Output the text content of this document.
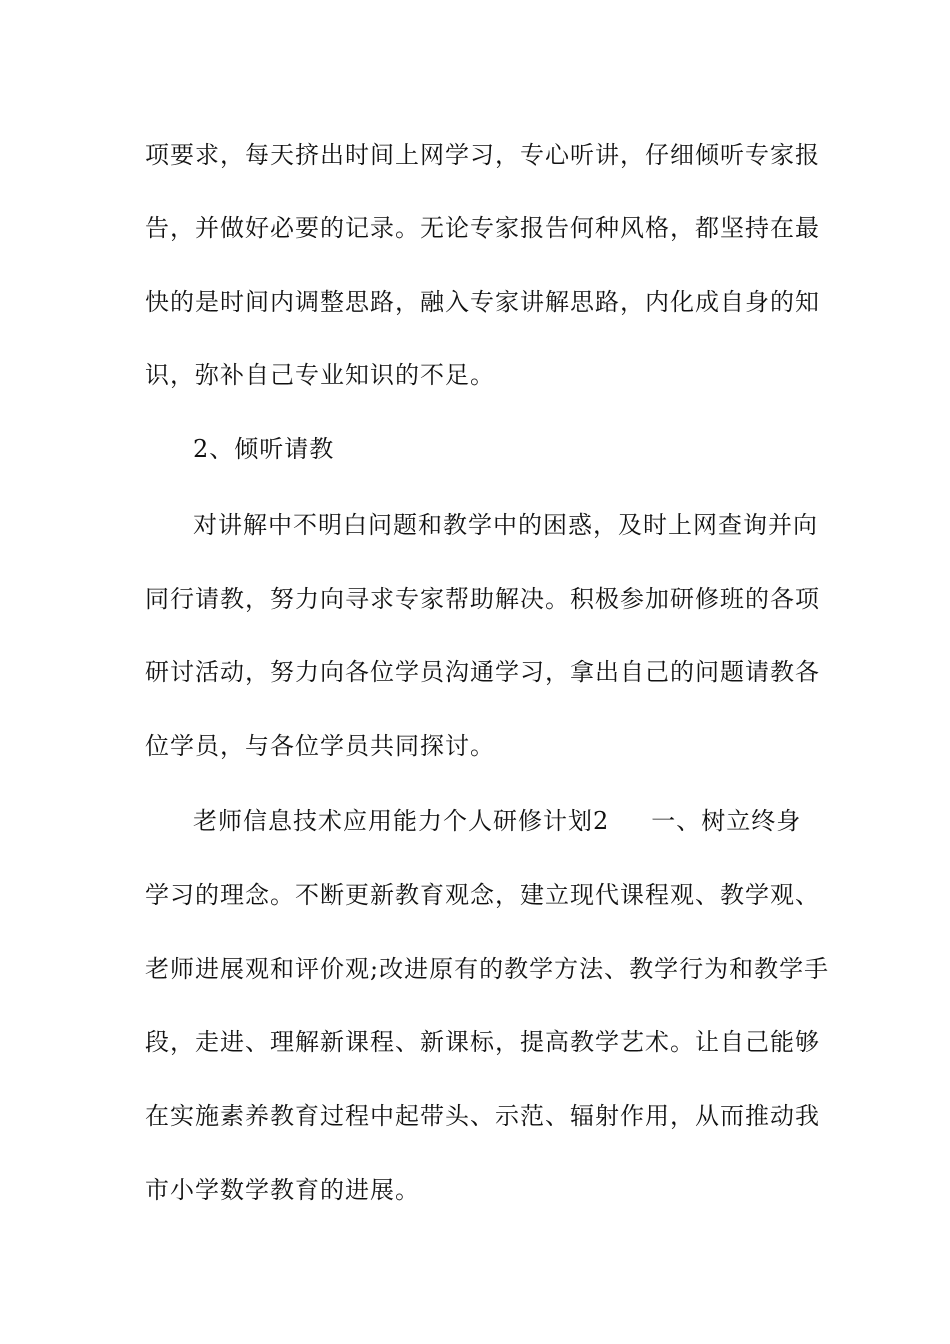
项要求，每天挤出时间上网学习，专心听讲，仔细倾听专家报
告，并做好必要的记录。无论专家报告何种风格，都坚持在最
快的是时间内调整思路，融入专家讲解思路，内化成自身的知
识，弥补自己专业知识的不足。
2、倾听请教
对讲解中不明白问题和教学中的困惑，及时上网查询并向
同行请教，努力向寻求专家帮助解决。积极参加研修班的各项
研讨活动，努力向各位学员沟通学习，拿出自己的问题请教各
位学员，与各位学员共同探讨。
老师信息技术应用能力个人研修计划2 一、树立终身
学习的理念。不断更新教育观念，建立现代课程观、教学观、
老师进展观和评价观;改进原有的教学方法、教学行为和教学手
段，走进、理解新课程、新课标，提高教学艺术。让自己能够
在实施素养教育过程中起带头、示范、辐射作用，从而推动我
市小学数学教育的进展。
